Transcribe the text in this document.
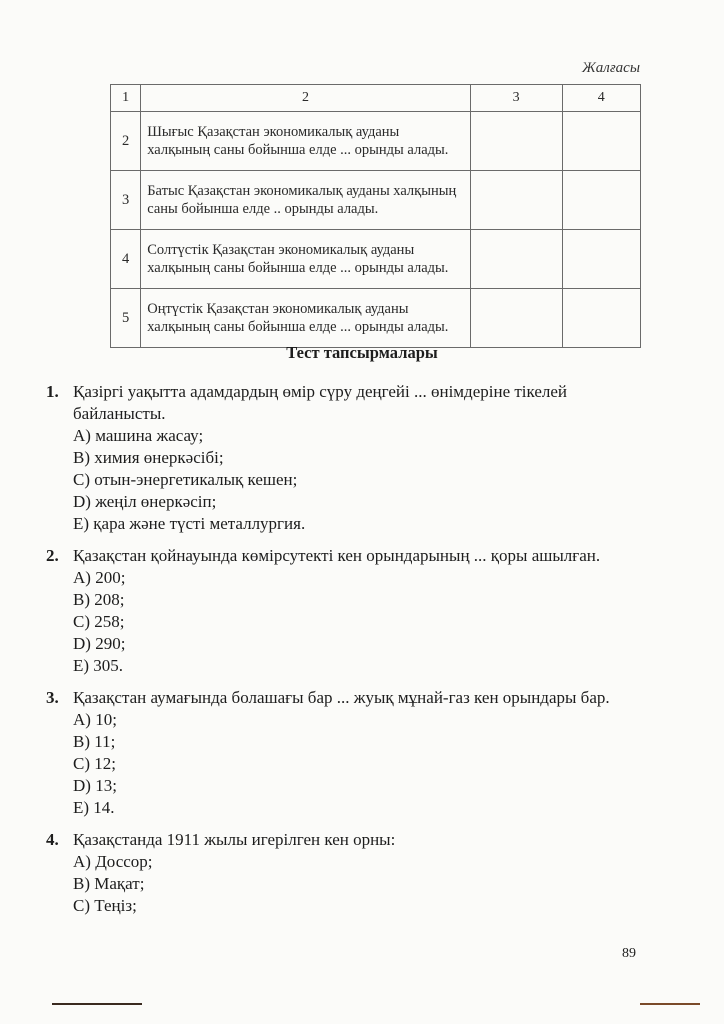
Жалғасы
1	2	3	4
2	Шығыс Қазақстан экономикалық ауданы халқының саны бойынша елде ... орынды алады.		
3	Батыс Қазақстан экономикалық ауданы халқының саны бойынша елде .. орынды алады.		
4	Солтүстік Қазақстан экономикалық ауданы халқының саны бойынша елде ... орынды алады.		
5	Оңтүстік Қазақстан экономикалық ауданы халқының саны бойынша елде ... орынды алады.		
Тест тапсырмалары
1. Қазіргі уақытта адамдардың өмір сүру деңгейі ... өнімдеріне тікелей байланысты.
A) машина жасау;
B) химия өнеркәсібі;
C) отын-энергетикалық кешен;
D) жеңіл өнеркәсіп;
E) қара және түсті металлургия.
2. Қазақстан қойнауында көмірсутекті кен орындарының ... қоры ашылған.
A) 200;
B) 208;
C) 258;
D) 290;
E) 305.
3. Қазақстан аумағында болашағы бар ... жуық мұнай-газ кен орындары бар.
A) 10;
B) 11;
C) 12;
D) 13;
E) 14.
4. Қазақстанда 1911 жылы игерілген кен орны:
A) Доссор;
B) Мақат;
C) Теңіз;
89
